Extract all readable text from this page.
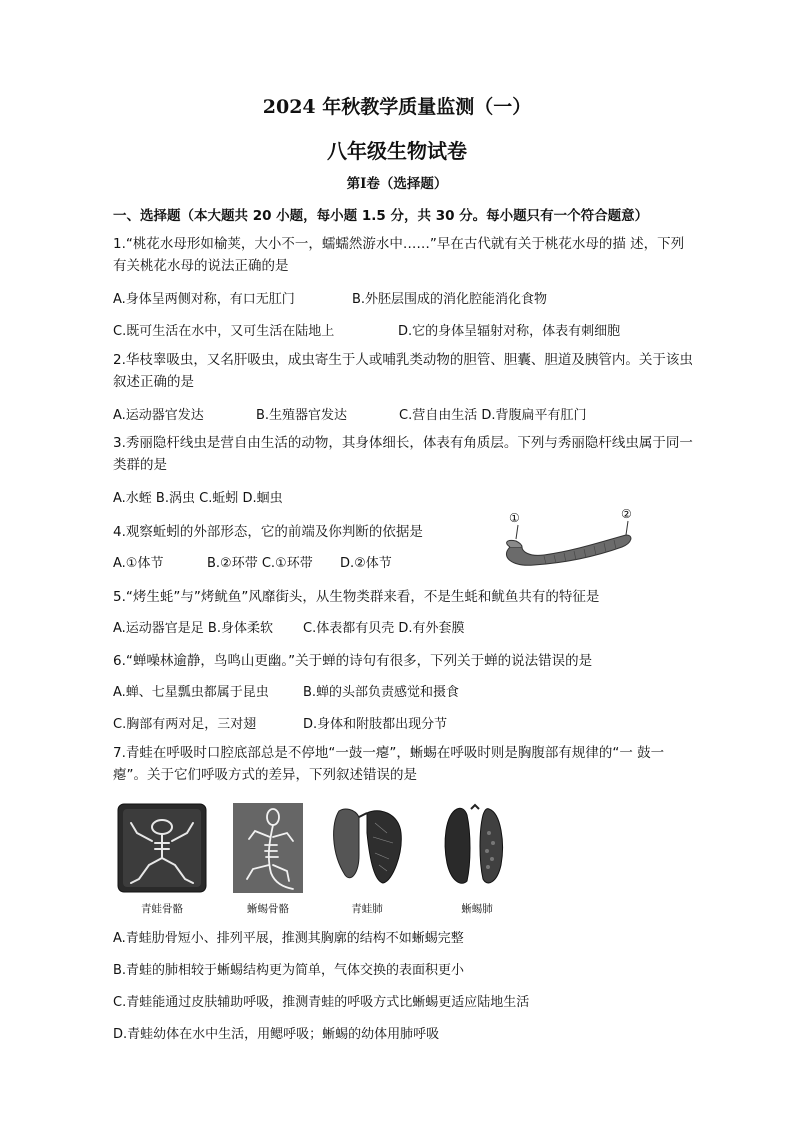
2024 年秋教学质量监测（一）
八年级生物试卷
第Ⅰ卷（选择题）
一、选择题（本大题共 20 小题，每小题 1.5 分，共 30 分。每小题只有一个符合题意）
1.“桃花水母形如榆荚，大小不一，蠕蠕然游水中……”早在古代就有关于桃花水母的描 述，下列有关桃花水母的说法正确的是
A.身体呈两侧对称，有口无肛门	B.外胚层围成的消化腔能消化食物
C.既可生活在水中，又可生活在陆地上	D.它的身体呈辐射对称，体表有刺细胞
2.华枝睾吸虫，又名肝吸虫，成虫寄生于人或哺乳类动物的胆管、胆囊、胆道及胰管内。关于该虫叙述正确的是
A.运动器官发达	B.生殖器官发达	C.营自由生活 D.背腹扁平有肛门
3.秀丽隐杆线虫是营自由生活的动物，其身体细长，体表有角质层。下列与秀丽隐杆线虫属于同一类群的是
A.水蛭 B.涡虫 C.蚯蚓 D.蛔虫
4.观察蚯蚓的外部形态，它的前端及你判断的依据是
A.①体节	B.②环带 C.①环带 D.②体节
①	②
5.“烤生蚝”与”烤鱿鱼”风靡街头，从生物类群来看，不是生蚝和鱿鱼共有的特征是
A.运动器官是足 B.身体柔软 C.体表都有贝壳 D.有外套膜
6.“蝉噪林逾静，鸟鸣山更幽。”关于蝉的诗句有很多，下列关于蝉的说法错误的是
A.蝉、七星瓢虫都属于昆虫	B.蝉的头部负责感觉和摄食
C.胸部有两对足，三对翅	D.身体和附肢都出现分节
7.青蛙在呼吸时口腔底部总是不停地“一鼓一瘪”，蜥蜴在呼吸时则是胸腹部有规律的“一 鼓一瘪”。关于它们呼吸方式的差异，下列叙述错误的是
青蛙骨骼	蜥蜴骨骼	青蛙肺	蜥蜴肺
A.青蛙肋骨短小、排列平展，推测其胸廓的结构不如蜥蜴完整
B.青蛙的肺相较于蜥蜴结构更为简单，气体交换的表面积更小
C.青蛙能通过皮肤辅助呼吸，推测青蛙的呼吸方式比蜥蜴更适应陆地生活
D.青蛙幼体在水中生活，用鳃呼吸；蜥蜴的幼体用肺呼吸
